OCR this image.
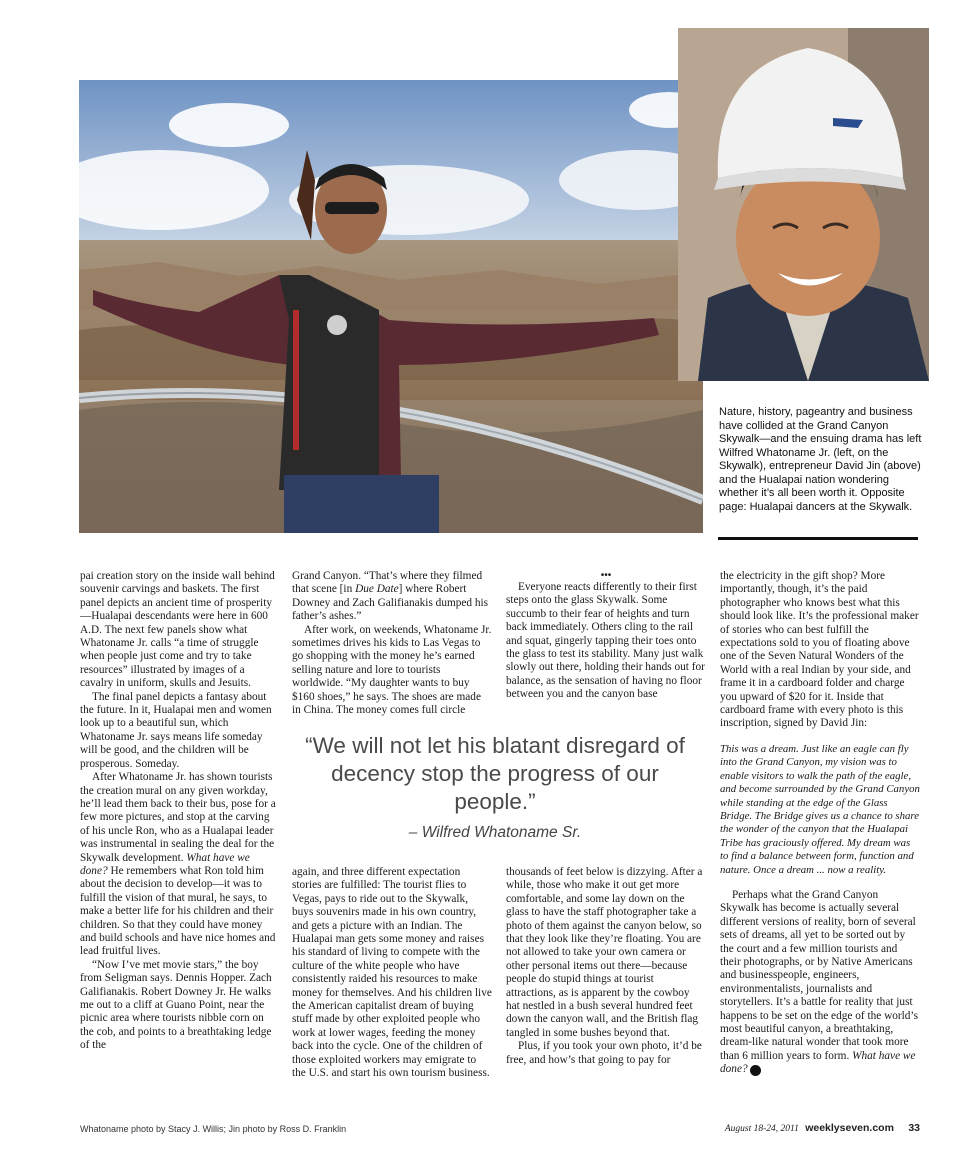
Nature, history, pageantry and business have collided at the Grand Canyon Skywalk—and the ensuing drama has left Wilfred Whatoname Jr. (left, on the Skywalk), entrepreneur David Jin (above) and the Hualapai nation wondering whether it’s all been worth it. Opposite page: Hualapai dancers at the Skywalk.

pai creation story on the inside wall behind souvenir carvings and baskets. The first panel depicts an ancient time of prosperity—Hualapai descendants were here in 600 A.D. The next few panels show what Whatoname Jr. calls “a time of struggle when people just come and try to take resources” illustrated by images of a cavalry in uniform, skulls and Jesuits.

The final panel depicts a fantasy about the future. In it, Hualapai men and women look up to a beautiful sun, which Whatoname Jr. says means life someday will be good, and the children will be prosperous. Someday.

After Whatoname Jr. has shown tourists the creation mural on any given workday, he’ll lead them back to their bus, pose for a few more pictures, and stop at the carving of his uncle Ron, who as a Hualapai leader was instrumental in sealing the deal for the Skywalk development. What have we done? He remembers what Ron told him about the decision to develop—it was to fulfill the vision of that mural, he says, to make a better life for his children and their children. So that they could have money and build schools and have nice homes and lead fruitful lives.

“Now I’ve met movie stars,” the boy from Seligman says. Dennis Hopper. Zach Galifianakis. Robert Downey Jr. He walks me out to a cliff at Guano Point, near the picnic area where tourists nibble corn on the cob, and points to a breathtaking ledge of the

Grand Canyon. “That’s where they filmed that scene [in Due Date] where Robert Downey and Zach Galifianakis dumped his father’s ashes.”

After work, on weekends, Whatoname Jr. sometimes drives his kids to Las Vegas to go shopping with the money he’s earned selling nature and lore to tourists worldwide. “My daughter wants to buy $160 shoes,” he says. The shoes are made in China. The money comes full circle

•••

Everyone reacts differently to their first steps onto the glass Skywalk. Some succumb to their fear of heights and turn back immediately. Others cling to the rail and squat, gingerly tapping their toes onto the glass to test its stability. Many just walk slowly out there, holding their hands out for balance, as the sensation of having no floor between you and the canyon base

“We will not let his blatant disregard of decency stop the progress of our people.”
– Wilfred Whatoname Sr.

again, and three different expectation stories are fulfilled: The tourist flies to Vegas, pays to ride out to the Skywalk, buys souvenirs made in his own country, and gets a picture with an Indian. The Hualapai man gets some money and raises his standard of living to compete with the culture of the white people who have consistently raided his resources to make money for themselves. And his children live the American capitalist dream of buying stuff made by other exploited people who work at lower wages, feeding the money back into the cycle. One of the children of those exploited workers may emigrate to the U.S. and start his own tourism business.

thousands of feet below is dizzying. After a while, those who make it out get more comfortable, and some lay down on the glass to have the staff photographer take a photo of them against the canyon below, so that they look like they’re floating. You are not allowed to take your own camera or other personal items out there—because people do stupid things at tourist attractions, as is apparent by the cowboy hat nestled in a bush several hundred feet down the canyon wall, and the British flag tangled in some bushes beyond that.

Plus, if you took your own photo, it’d be free, and how’s that going to pay for

the electricity in the gift shop? More importantly, though, it’s the paid photographer who knows best what this should look like. It’s the professional maker of stories who can best fulfill the expectations sold to you of floating above one of the Seven Natural Wonders of the World with a real Indian by your side, and frame it in a cardboard folder and charge you upward of $20 for it. Inside that cardboard frame with every photo is this inscription, signed by David Jin:

This was a dream. Just like an eagle can fly into the Grand Canyon, my vision was to enable visitors to walk the path of the eagle, and become surrounded by the Grand Canyon while standing at the edge of the Glass Bridge. The Bridge gives us a chance to share the wonder of the canyon that the Hualapai Tribe has graciously offered. My dream was to find a balance between form, function and nature. Once a dream ... now a reality.

Perhaps what the Grand Canyon Skywalk has become is actually several different versions of reality, born of several sets of dreams, all yet to be sorted out by the court and a few million tourists and their photographs, or by Native Americans and businesspeople, engineers, environmentalists, journalists and storytellers. It’s a battle for reality that just happens to be set on the edge of the world’s most beautiful canyon, a breathtaking, dream-like natural wonder that took more than 6 million years to form. What have we done? 7

Whatoname photo by Stacy J. Willis; Jin photo by Ross D. Franklin	August 18-24, 2011 weeklyseven.com 33
